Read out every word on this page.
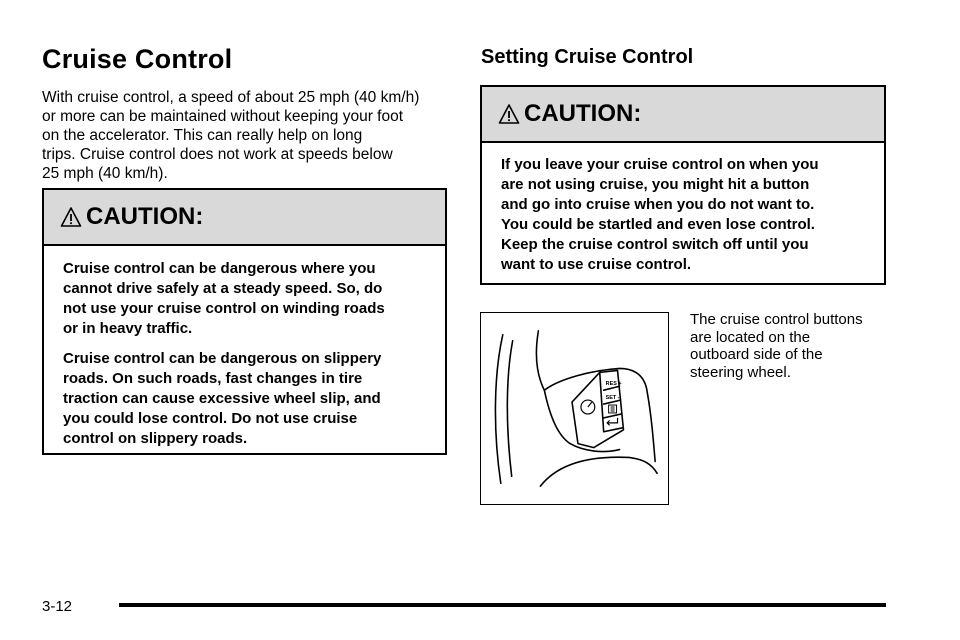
Cruise Control
With cruise control, a speed of about 25 mph (40 km/h)
or more can be maintained without keeping your foot
on the accelerator. This can really help on long
trips. Cruise control does not work at speeds below
25 mph (40 km/h).
CAUTION:
Cruise control can be dangerous where you
cannot drive safely at a steady speed. So, do
not use your cruise control on winding roads
or in heavy traffic.
Cruise control can be dangerous on slippery
roads. On such roads, fast changes in tire
traction can cause excessive wheel slip, and
you could lose control. Do not use cruise
control on slippery roads.
Setting Cruise Control
CAUTION:
If you leave your cruise control on when you
are not using cruise, you might hit a button
and go into cruise when you do not want to.
You could be startled and even lose control.
Keep the cruise control switch off until you
want to use cruise control.
RES +
SET -
The cruise control buttons
are located on the
outboard side of the
steering wheel.
3-12
